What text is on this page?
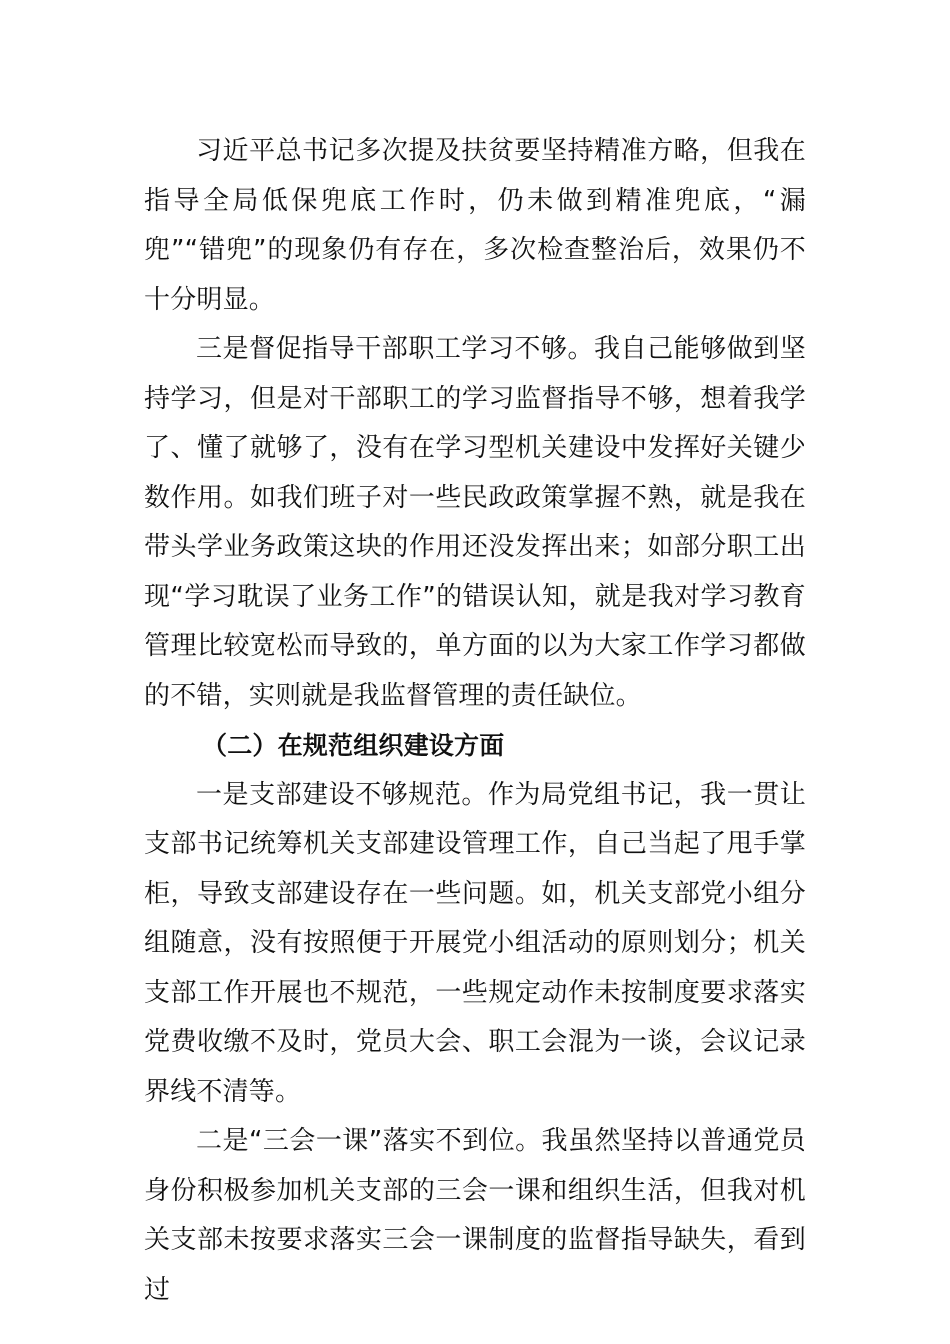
习近平总书记多次提及扶贫要坚持精准方略，但我在指导全局低保兜底工作时，仍未做到精准兜底，“漏兜”“错兜”的现象仍有存在，多次检查整治后，效果仍不十分明显。

三是督促指导干部职工学习不够。我自己能够做到坚持学习，但是对干部职工的学习监督指导不够，想着我学了、懂了就够了，没有在学习型机关建设中发挥好关键少数作用。如我们班子对一些民政政策掌握不熟，就是我在带头学业务政策这块的作用还没发挥出来；如部分职工出现“学习耽误了业务工作”的错误认知，就是我对学习教育管理比较宽松而导致的，单方面的以为大家工作学习都做的不错，实则就是我监督管理的责任缺位。

（二）在规范组织建设方面

一是支部建设不够规范。作为局党组书记，我一贯让支部书记统筹机关支部建设管理工作，自己当起了甩手掌柜，导致支部建设存在一些问题。如，机关支部党小组分组随意，没有按照便于开展党小组活动的原则划分；机关支部工作开展也不规范，一些规定动作未按制度要求落实党费收缴不及时，党员大会、职工会混为一谈，会议记录界线不清等。

二是“三会一课”落实不到位。我虽然坚持以普通党员身份积极参加机关支部的三会一课和组织生活，但我对机关支部未按要求落实三会一课制度的监督指导缺失，看到过
